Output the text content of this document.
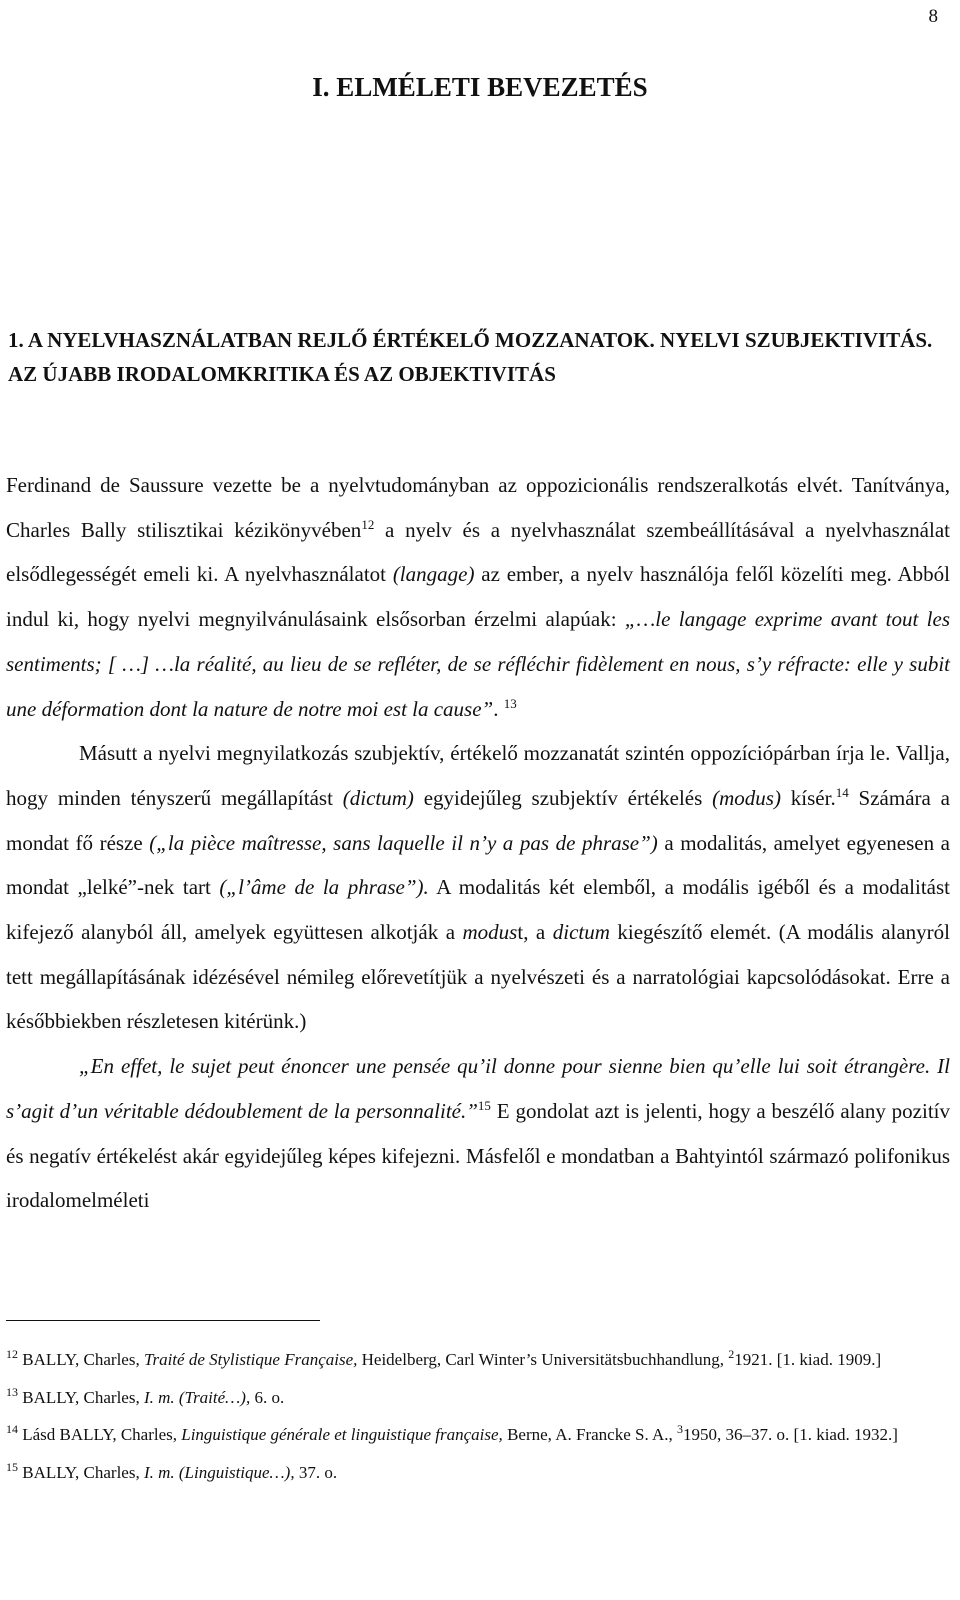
8
I. ELMÉLETI BEVEZETÉS
1. A NYELVHASZNÁLATBAN REJLŐ ÉRTÉKELŐ MOZZANATOK. NYELVI SZUBJEKTIVITÁS. AZ ÚJABB IRODALOMKRITIKA ÉS AZ OBJEKTIVITÁS

Ferdinand de Saussure vezette be a nyelvtudományban az oppozicionális rendszeralkotás elvét. Tanítványa, Charles Bally stilisztikai kézikönyvében$^{12}$ a nyelv és a nyelvhasználat szembeállításával a nyelvhasználat elsődlegességét emeli ki. A nyelvhasználatot (langage) az ember, a nyelv használója felől közelíti meg. Abból indul ki, hogy nyelvi megnyilvánulásaink elsősorban érzelmi alapúak: „…le langage exprime avant tout les sentiments; [ …] …la réalité, au lieu de se refléter, de se réfléchir fidèlement en nous, s’y réfracte: elle y subit une déformation dont la nature de notre moi est la cause”. $^{13}$

Másutt a nyelvi megnyilatkozás szubjektív, értékelő mozzanatát szintén oppozíciópárban írja le. Vallja, hogy minden tényszerű megállapítást (dictum) egyidejűleg szubjektív értékelés (modus) kísér.$^{14}$ Számára a mondat fő része („la pièce maîtresse, sans laquelle il n’y a pas de phrase”) a modalitás, amelyet egyenesen a mondat „lelké”-nek tart („l’âme de la phrase”). A modalitás két elemből, a modális igéből és a modalitást kifejező alanyból áll, amelyek együttesen alkotják a modust, a dictum kiegészítő elemét. (A modális alanyról tett megállapításának idézésével némileg előrevetítjük a nyelvészeti és a narratológiai kapcsolódásokat. Erre a későbbiekben részletesen kitérünk.)

„En effet, le sujet peut énoncer une pensée qu’il donne pour sienne bien qu’elle lui soit étrangère. Il s’agit d’un véritable dédoublement de la personnalité.”$^{15}$ E gondolat azt is jelenti, hogy a beszélő alany pozitív és negatív értékelést akár egyidejűleg képes kifejezni. Másfelől e mondatban a Bahtyintól származó polifonikus irodalomelméleti

$^{12}$ BALLY, Charles, Traité de Stylistique Française, Heidelberg, Carl Winter’s Universitätsbuchhandlung, $^2$1921. [1. kiad. 1909.]

$^{13}$ BALLY, Charles, I. m. (Traité…), 6. o.

$^{14}$ Lásd BALLY, Charles, Linguistique générale et linguistique française, Berne, A. Francke S. A., $^3$1950, 36–37. o. [1. kiad. 1932.]

$^{15}$ BALLY, Charles, I. m. (Linguistique…), 37. o.
